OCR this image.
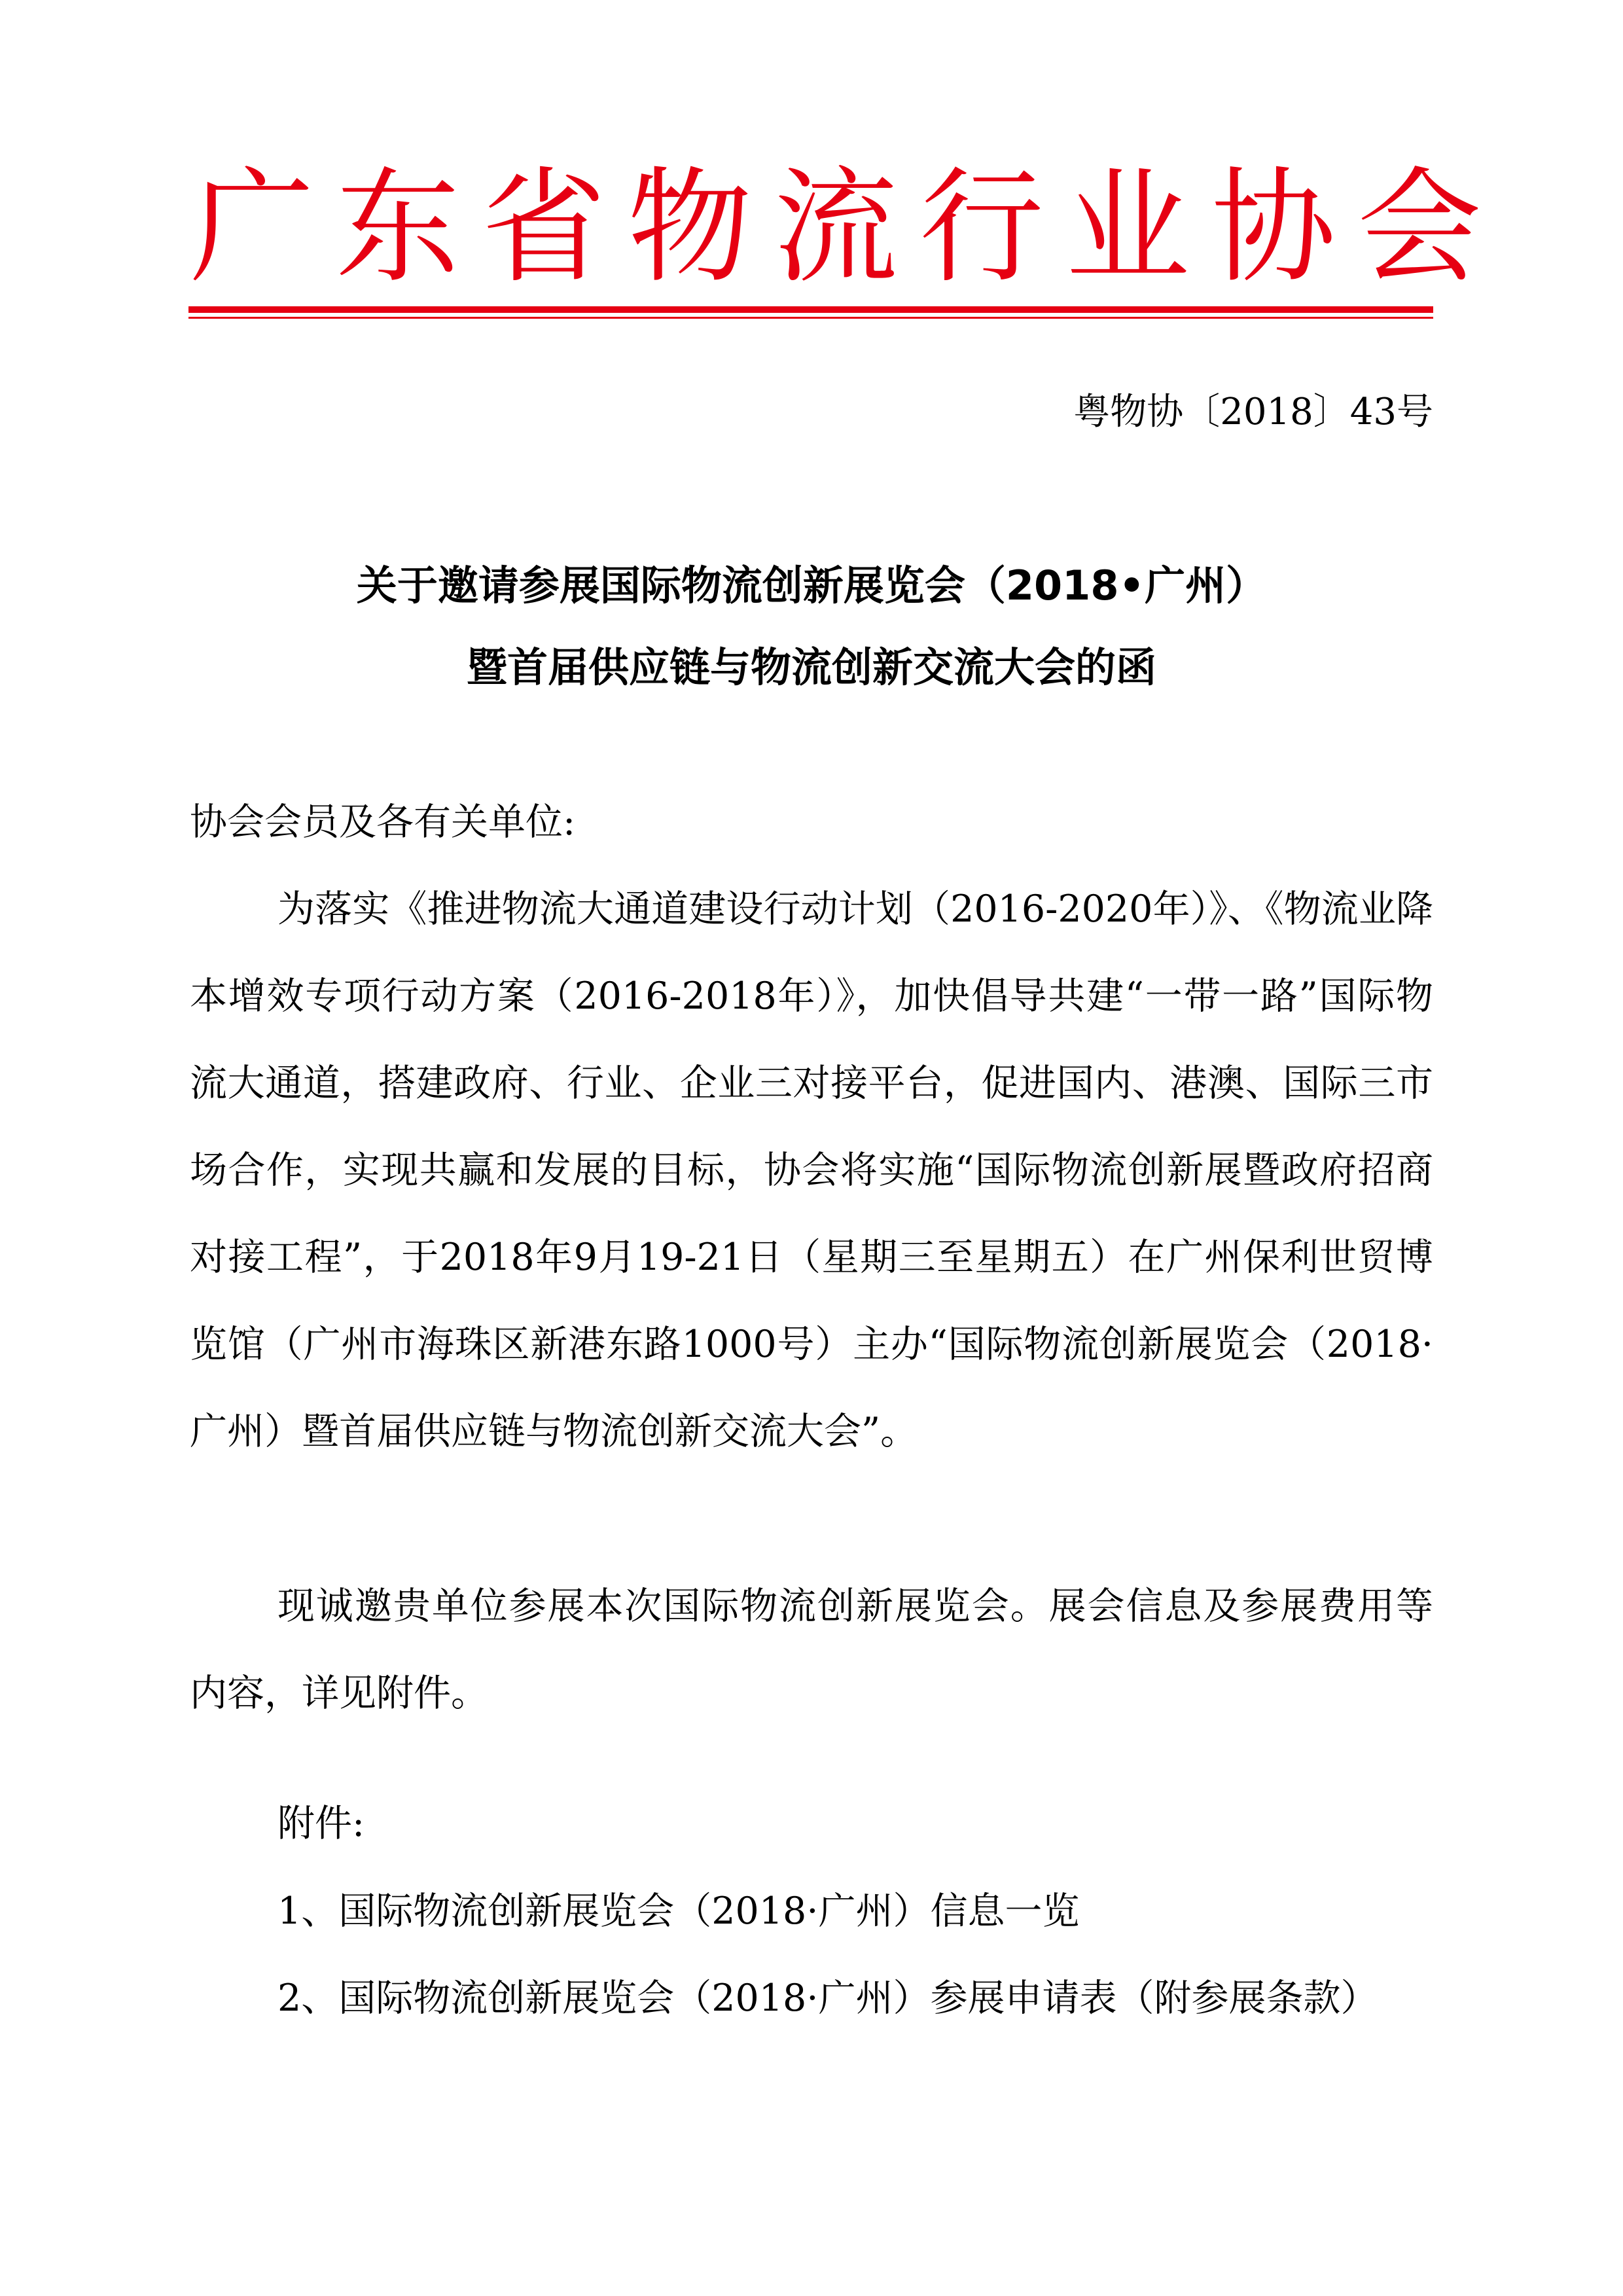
广东省物流行业协会
粤物协〔2018〕43号
关于邀请参展国际物流创新展览会（2018•广州）
暨首届供应链与物流创新交流大会的函

协会会员及各有关单位:

为落实《推进物流大通道建设行动计划（2016-2020年）》、《物流业降本增效专项行动方案（2016-2018年）》，加快倡导共建“一带一路”国际物流大通道，搭建政府、行业、企业三对接平台，促进国内、港澳、国际三市场合作，实现共赢和发展的目标，协会将实施“国际物流创新展暨政府招商对接工程”，于2018年9月19-21日（星期三至星期五）在广州保利世贸博览馆（广州市海珠区新港东路1000号）主办“国际物流创新展览会（2018·广州）暨首届供应链与物流创新交流大会”。

现诚邀贵单位参展本次国际物流创新展览会。展会信息及参展费用等内容，详见附件。

附件:

1、国际物流创新展览会（2018·广州）信息一览

2、国际物流创新展览会（2018·广州）参展申请表（附参展条款）
